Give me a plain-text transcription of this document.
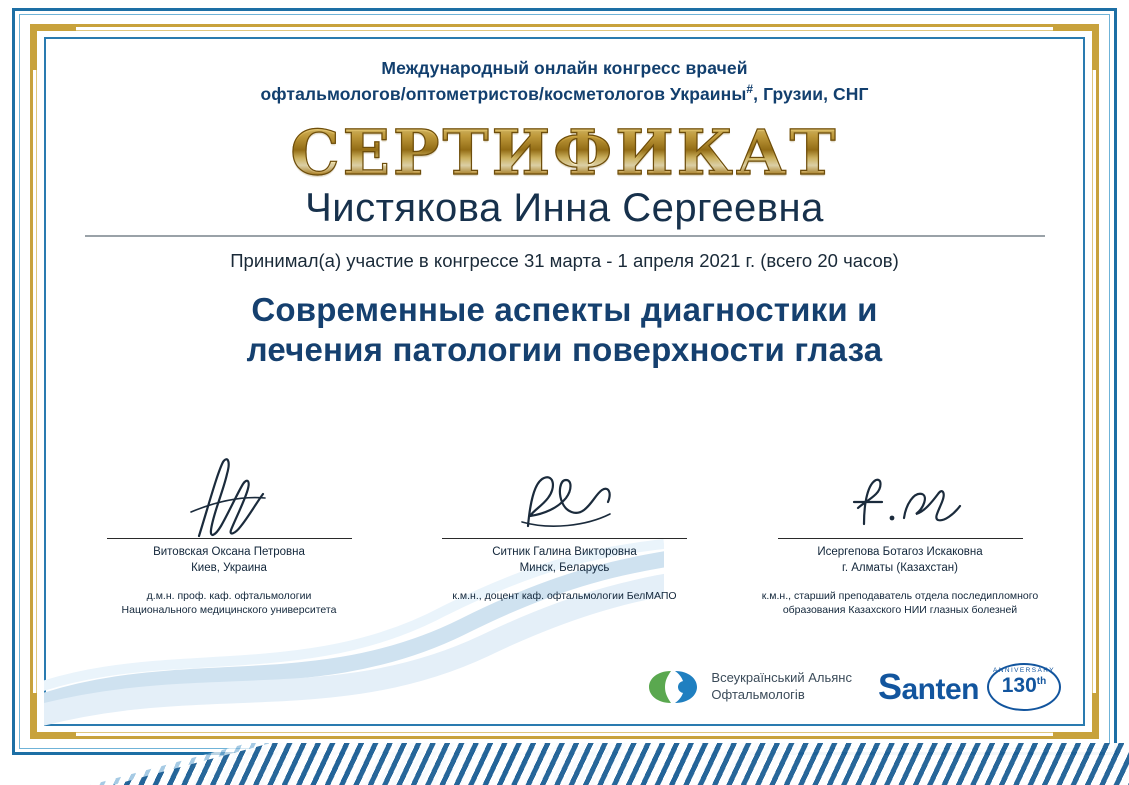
Международный онлайн конгресс врачей
офтальмологов/оптометристов/косметологов Украины#, Грузии, СНГ
СЕРТИФИКАТ
Чистякова Инна Сергеевна
Принимал(а) участие в конгрессе 31 марта - 1 апреля 2021 г. (всего 20 часов)
Современные аспекты диагностики и
лечения патологии поверхности глаза
Витовская Оксана Петровна
Киев, Украина
д.м.н. проф. каф. офтальмологии
Национального медицинского университета
Ситник Галина Викторовна
Минск, Беларусь
к.м.н., доцент каф. офтальмологии БелМАПО
Исергепова Ботагоз Искаковна
г. Алматы (Казахстан)
к.м.н., старший преподаватель отдела последипломного
образования Казахского НИИ глазных болезней
Всеукраїнський Альянс
Офтальмологів	Santen
ANNIVERSARY
130th
